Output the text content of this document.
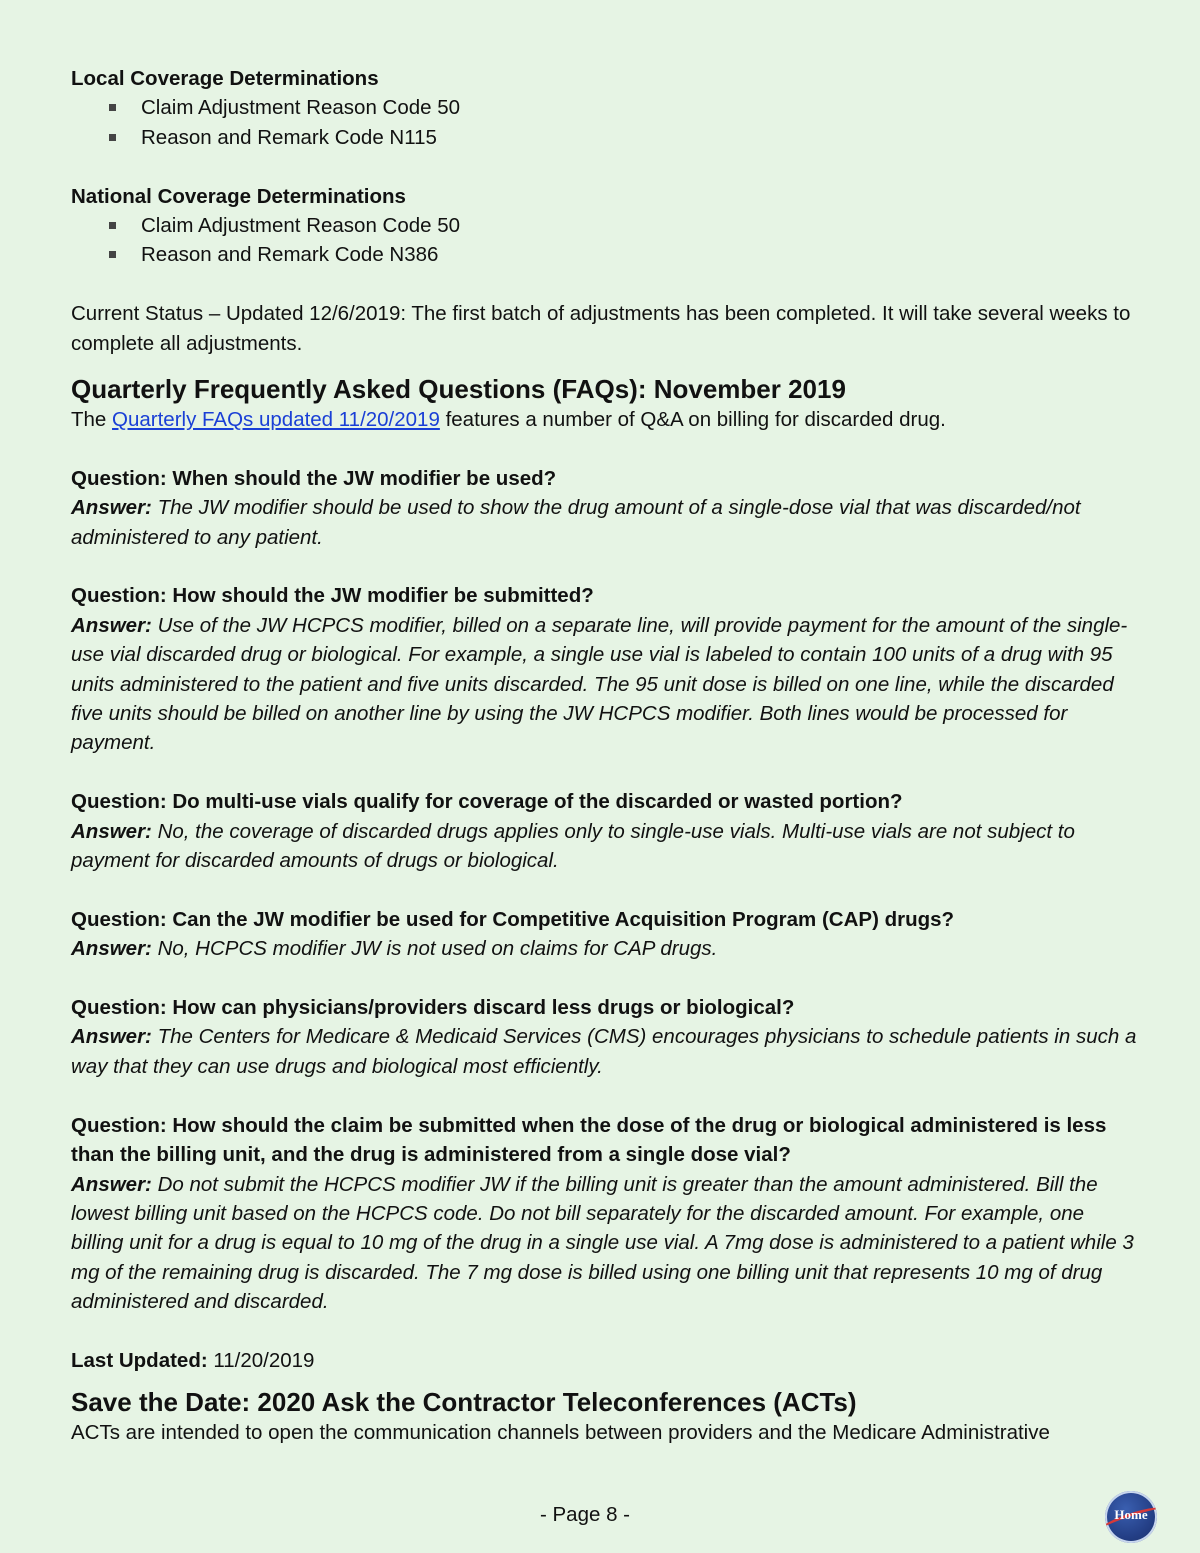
Local Coverage Determinations

Claim Adjustment Reason Code 50
Reason and Remark Code N115

National Coverage Determinations

Claim Adjustment Reason Code 50
Reason and Remark Code N386

Current Status – Updated 12/6/2019: The first batch of adjustments has been completed. It will take several weeks to complete all adjustments.

Quarterly Frequently Asked Questions (FAQs): November 2019

The Quarterly FAQs updated 11/20/2019 features a number of Q&A on billing for discarded drug.

Question: When should the JW modifier be used?

Answer: The JW modifier should be used to show the drug amount of a single-dose vial that was discarded/not administered to any patient.

Question: How should the JW modifier be submitted?

Answer: Use of the JW HCPCS modifier, billed on a separate line, will provide payment for the amount of the single-use vial discarded drug or biological. For example, a single use vial is labeled to contain 100 units of a drug with 95 units administered to the patient and five units discarded. The 95 unit dose is billed on one line, while the discarded five units should be billed on another line by using the JW HCPCS modifier. Both lines would be processed for payment.

Question: Do multi-use vials qualify for coverage of the discarded or wasted portion?

Answer: No, the coverage of discarded drugs applies only to single-use vials. Multi-use vials are not subject to payment for discarded amounts of drugs or biological.

Question: Can the JW modifier be used for Competitive Acquisition Program (CAP) drugs?

Answer: No, HCPCS modifier JW is not used on claims for CAP drugs.

Question: How can physicians/providers discard less drugs or biological?

Answer: The Centers for Medicare & Medicaid Services (CMS) encourages physicians to schedule patients in such a way that they can use drugs and biological most efficiently.

Question: How should the claim be submitted when the dose of the drug or biological administered is less than the billing unit, and the drug is administered from a single dose vial?

Answer: Do not submit the HCPCS modifier JW if the billing unit is greater than the amount administered. Bill the lowest billing unit based on the HCPCS code. Do not bill separately for the discarded amount. For example, one billing unit for a drug is equal to 10 mg of the drug in a single use vial. A 7mg dose is administered to a patient while 3 mg of the remaining drug is discarded. The 7 mg dose is billed using one billing unit that represents 10 mg of drug administered and discarded.

Last Updated: 11/20/2019

Save the Date: 2020 Ask the Contractor Teleconferences (ACTs)

ACTs are intended to open the communication channels between providers and the Medicare Administrative

- Page 8 -	Home
